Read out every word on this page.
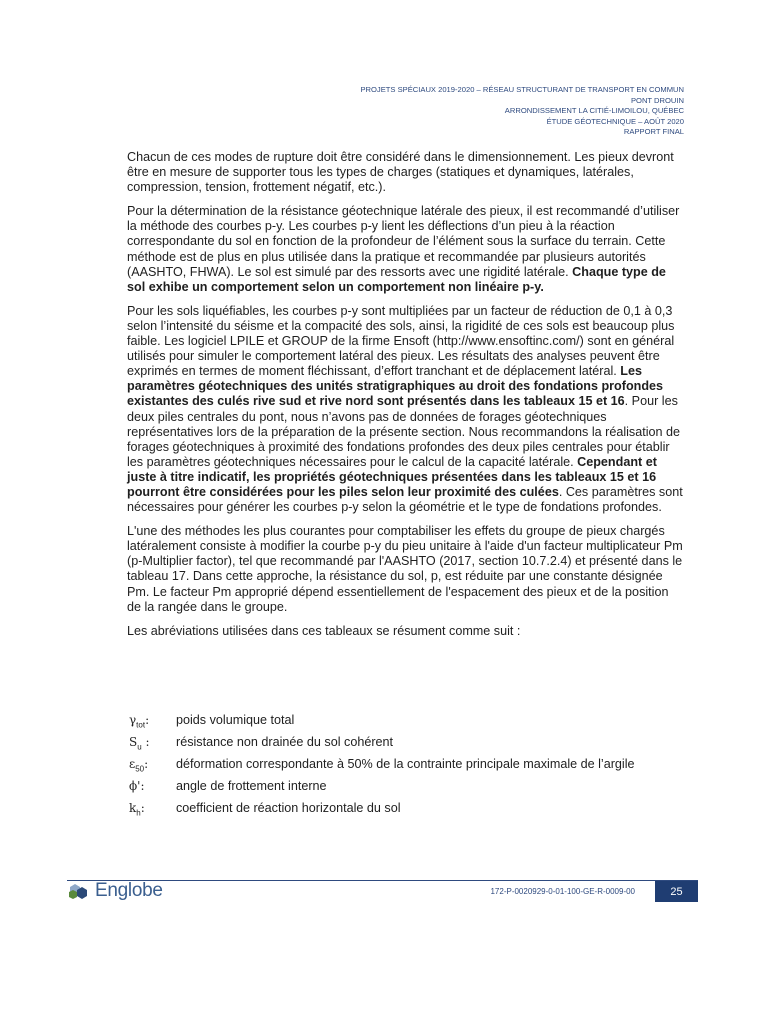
PROJETS SPÉCIAUX 2019-2020 – RÉSEAU STRUCTURANT DE TRANSPORT EN COMMUN
PONT DROUIN
ARRONDISSEMENT LA CITIÉ-LIMOILOU, QUÉBEC
ÉTUDE GÉOTECHNIQUE – AOÛT 2020
RAPPORT FINAL

Chacun de ces modes de rupture doit être considéré dans le dimensionnement. Les pieux devront être en mesure de supporter tous les types de charges (statiques et dynamiques, latérales, compression, tension, frottement négatif, etc.).

Pour la détermination de la résistance géotechnique latérale des pieux, il est recommandé d’utiliser la méthode des courbes p-y. Les courbes p-y lient les déflections d’un pieu à la réaction correspondante du sol en fonction de la profondeur de l’élément sous la surface du terrain. Cette méthode est de plus en plus utilisée dans la pratique et recommandée par plusieurs autorités (AASHTO, FHWA). Le sol est simulé par des ressorts avec une rigidité latérale. Chaque type de sol exhibe un comportement selon un comportement non linéaire p-y.

Pour les sols liquéfiables, les courbes p-y sont multipliées par un facteur de réduction de 0,1 à 0,3 selon l’intensité du séisme et la compacité des sols, ainsi, la rigidité de ces sols est beaucoup plus faible. Les logiciel LPILE et GROUP de la firme Ensoft (http://www.ensoftinc.com/) sont en général utilisés pour simuler le comportement latéral des pieux. Les résultats des analyses peuvent être exprimés en termes de moment fléchissant, d’effort tranchant et de déplacement latéral. Les paramètres géotechniques des unités stratigraphiques au droit des fondations profondes existantes des culés rive sud et rive nord sont présentés dans les tableaux 15 et 16. Pour les deux piles centrales du pont, nous n’avons pas de données de forages géotechniques représentatives lors de la préparation de la présente section. Nous recommandons la réalisation de forages géotechniques à proximité des fondations profondes des deux piles centrales pour établir les paramètres géotechniques nécessaires pour le calcul de la capacité latérale. Cependant et juste à titre indicatif, les propriétés géotechniques présentées dans les tableaux 15 et 16 pourront être considérées pour les piles selon leur proximité des culées. Ces paramètres sont nécessaires pour générer les courbes p-y selon la géométrie et le type de fondations profondes.

L'une des méthodes les plus courantes pour comptabiliser les effets du groupe de pieux chargés latéralement consiste à modifier la courbe p-y du pieu unitaire à l'aide d'un facteur multiplicateur Pm (p-Multiplier factor), tel que recommandé par l'AASHTO (2017, section 10.7.2.4) et présenté dans le tableau 17. Dans cette approche, la résistance du sol, p, est réduite par une constante désignée Pm. Le facteur Pm approprié dépend essentiellement de l'espacement des pieux et de la position de la rangée dans le groupe.

Les abréviations utilisées dans ces tableaux se résument comme suit :

$\gamma_{tot}$:	poids volumique total
$S_u$ :	résistance non drainée du sol cohérent
$\varepsilon_{50}$:	déformation correspondante à 50% de la contrainte principale maximale de l’argile
ϕ':	angle de frottement interne
$k_h$:	coefficient de réaction horizontale du sol
Englobe	172-P-0020929-0-01-100-GE-R-0009-00	25
